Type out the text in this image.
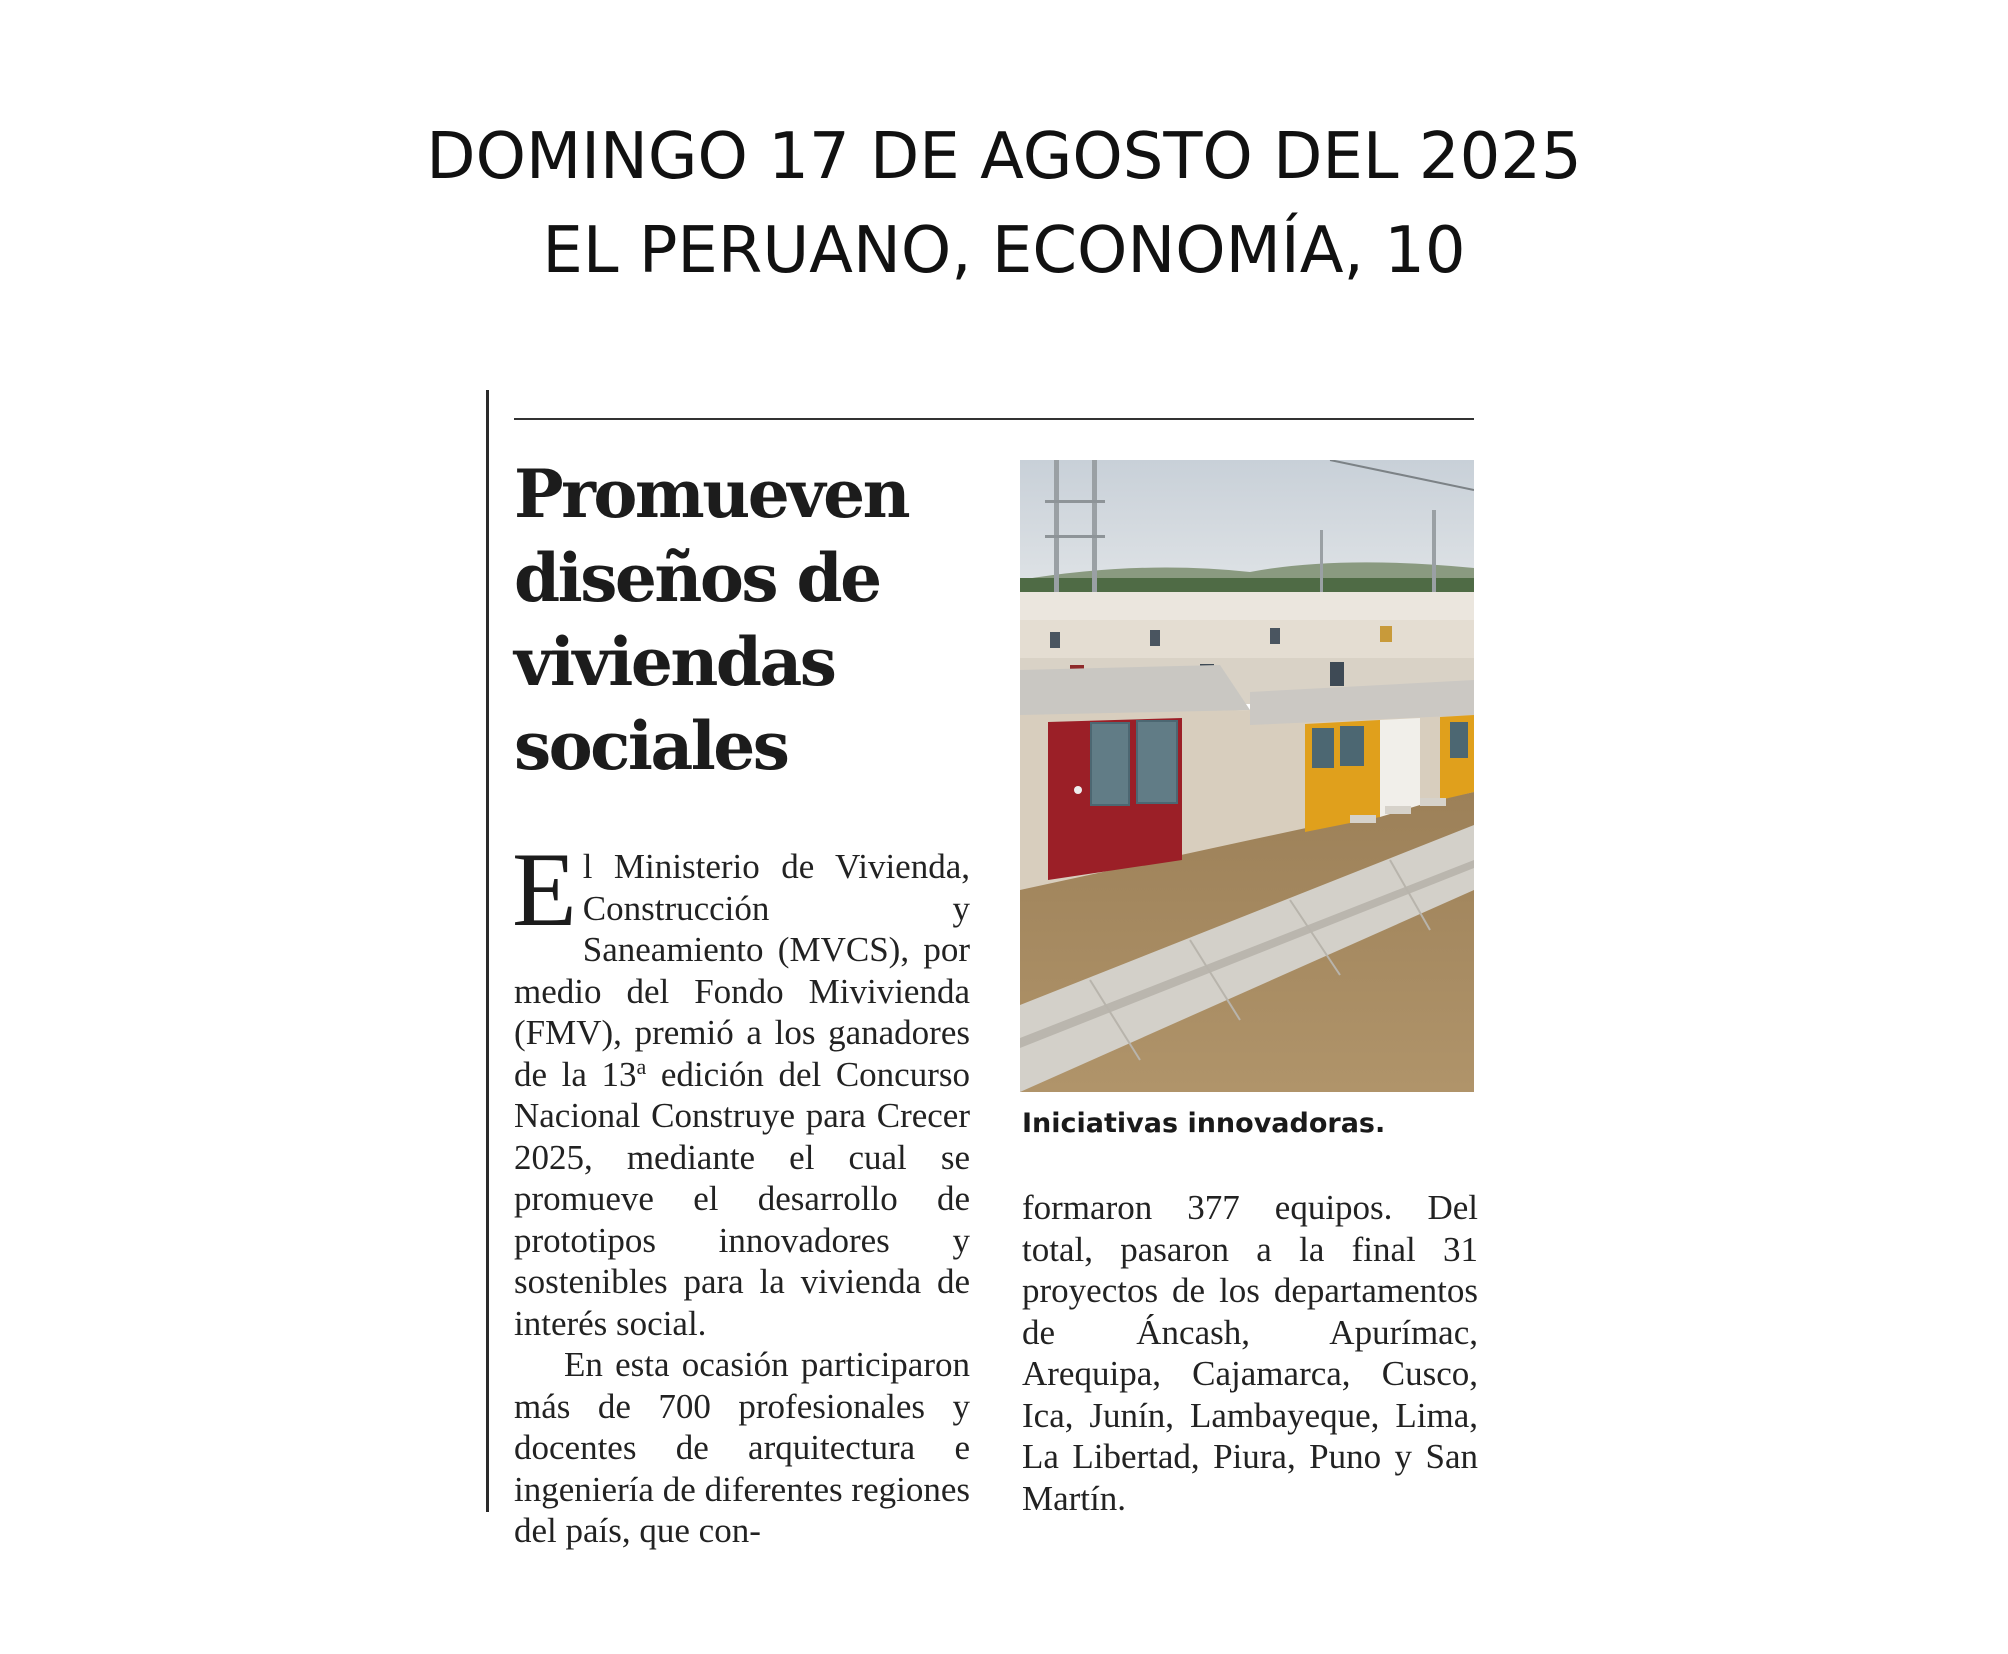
DOMINGO 17 DE AGOSTO DEL 2025
EL PERUANO, ECONOMÍA, 10
Promueven diseños de viviendas sociales

El Ministerio de Vivienda, Construcción y Saneamiento (MVCS), por medio del Fondo Mivivienda (FMV), premió a los ganadores de la 13$^a$ edición del Concurso Nacional Construye para Crecer 2025, mediante el cual se promueve el desarrollo de prototipos innovadores y sostenibles para la vivienda de interés social.

En esta ocasión participaron más de 700 profesionales y docentes de arquitectura e ingeniería de diferentes regiones del país, que con-

Iniciativas innovadoras.

formaron 377 equipos. Del total, pasaron a la final 31 proyectos de los departamentos de Áncash, Apurímac, Arequipa, Cajamarca, Cusco, Ica, Junín, Lambayeque, Lima, La Libertad, Piura, Puno y San Martín.
